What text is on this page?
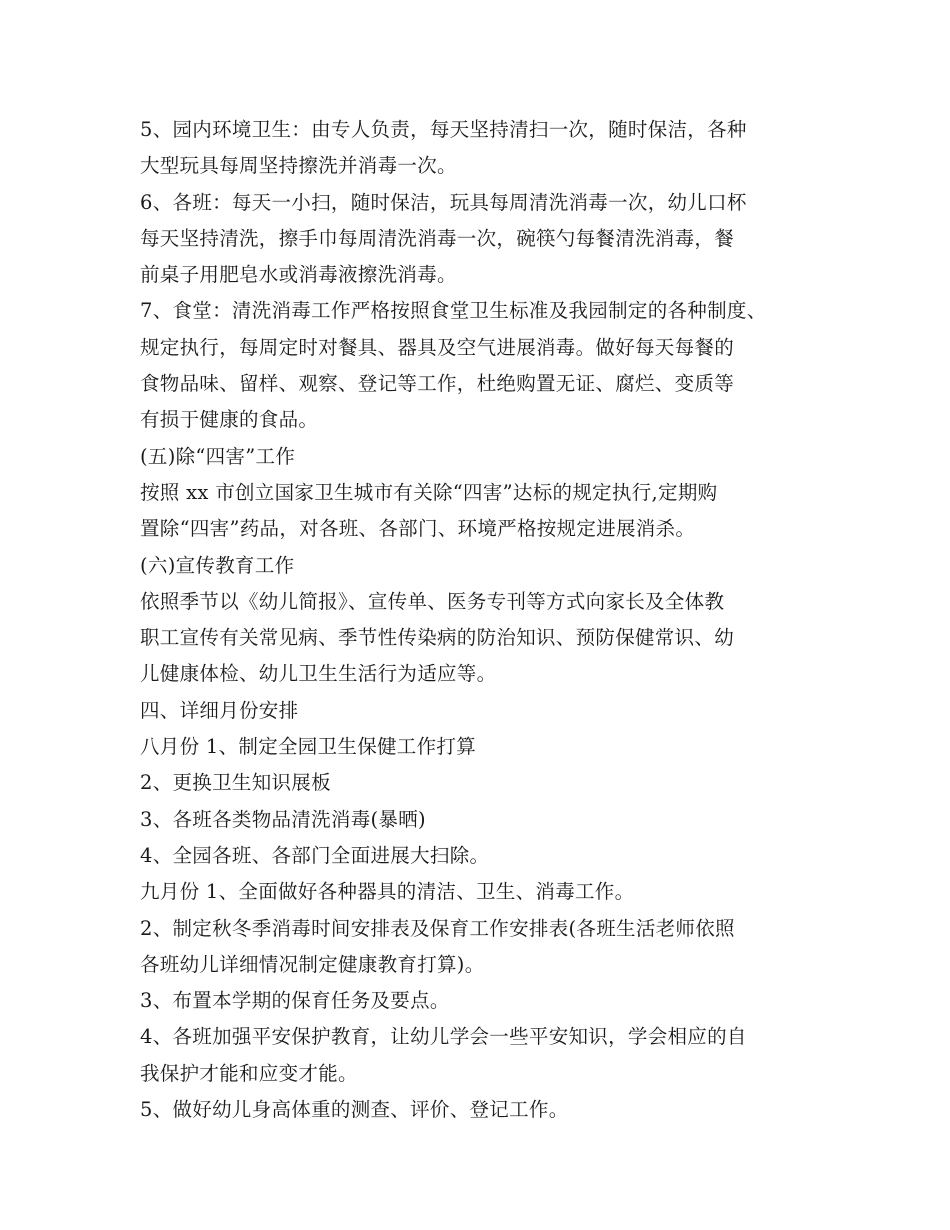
5、园内环境卫生：由专人负责，每天坚持清扫一次，随时保洁，各种
大型玩具每周坚持擦洗并消毒一次。
6、各班：每天一小扫，随时保洁，玩具每周清洗消毒一次，幼儿口杯
每天坚持清洗，擦手巾每周清洗消毒一次，碗筷勺每餐清洗消毒，餐
前桌子用肥皂水或消毒液擦洗消毒。
7、食堂：清洗消毒工作严格按照食堂卫生标准及我园制定的各种制度、
规定执行，每周定时对餐具、器具及空气进展消毒。做好每天每餐的
食物品味、留样、观察、登记等工作，杜绝购置无证、腐烂、变质等
有损于健康的食品。
(五)除“四害”工作
按照 xx 市创立国家卫生城市有关除“四害”达标的规定执行,定期购
置除“四害”药品，对各班、各部门、环境严格按规定进展消杀。
(六)宣传教育工作
依照季节以《幼儿简报》、宣传单、医务专刊等方式向家长及全体教
职工宣传有关常见病、季节性传染病的防治知识、预防保健常识、幼
儿健康体检、幼儿卫生生活行为适应等。
四、详细月份安排
八月份 1、制定全园卫生保健工作打算
2、更换卫生知识展板
3、各班各类物品清洗消毒(暴晒)
4、全园各班、各部门全面进展大扫除。
九月份 1、全面做好各种器具的清洁、卫生、消毒工作。
2、制定秋冬季消毒时间安排表及保育工作安排表(各班生活老师依照
各班幼儿详细情况制定健康教育打算)。
3、布置本学期的保育任务及要点。
4、各班加强平安保护教育，让幼儿学会一些平安知识，学会相应的自
我保护才能和应变才能。
5、做好幼儿身高体重的测查、评价、登记工作。
